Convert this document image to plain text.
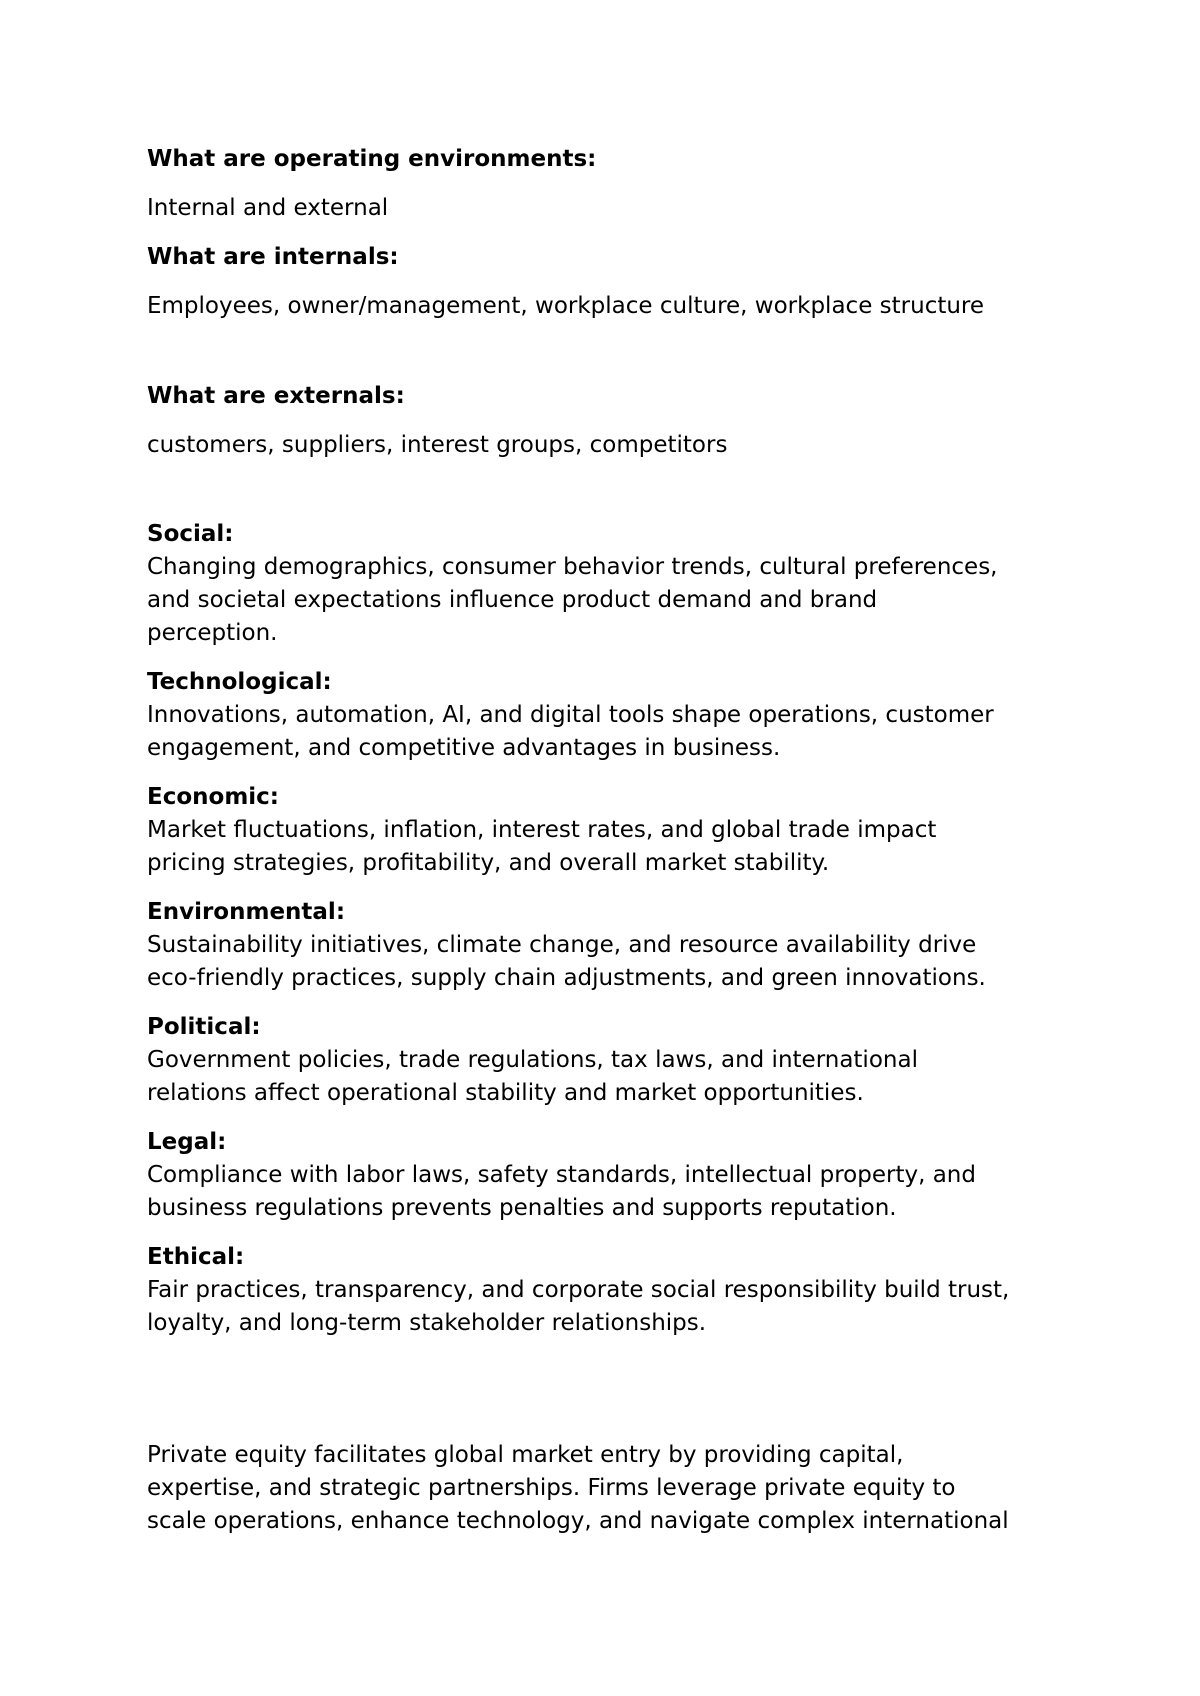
What are operating environments:

Internal and external

What are internals:

Employees, owner/management, workplace culture, workplace structure

What are externals:

customers, suppliers, interest groups, competitors

Social:

Changing demographics, consumer behavior trends, cultural preferences,

and societal expectations influence product demand and brand

perception.

Technological:

Innovations, automation, AI, and digital tools shape operations, customer

engagement, and competitive advantages in business.

Economic:

Market fluctuations, inflation, interest rates, and global trade impact

pricing strategies, profitability, and overall market stability.

Environmental:

Sustainability initiatives, climate change, and resource availability drive

eco-friendly practices, supply chain adjustments, and green innovations.

Political:

Government policies, trade regulations, tax laws, and international

relations affect operational stability and market opportunities.

Legal:

Compliance with labor laws, safety standards, intellectual property, and

business regulations prevents penalties and supports reputation.

Ethical:

Fair practices, transparency, and corporate social responsibility build trust,

loyalty, and long-term stakeholder relationships.

Private equity facilitates global market entry by providing capital,

expertise, and strategic partnerships. Firms leverage private equity to

scale operations, enhance technology, and navigate complex international
